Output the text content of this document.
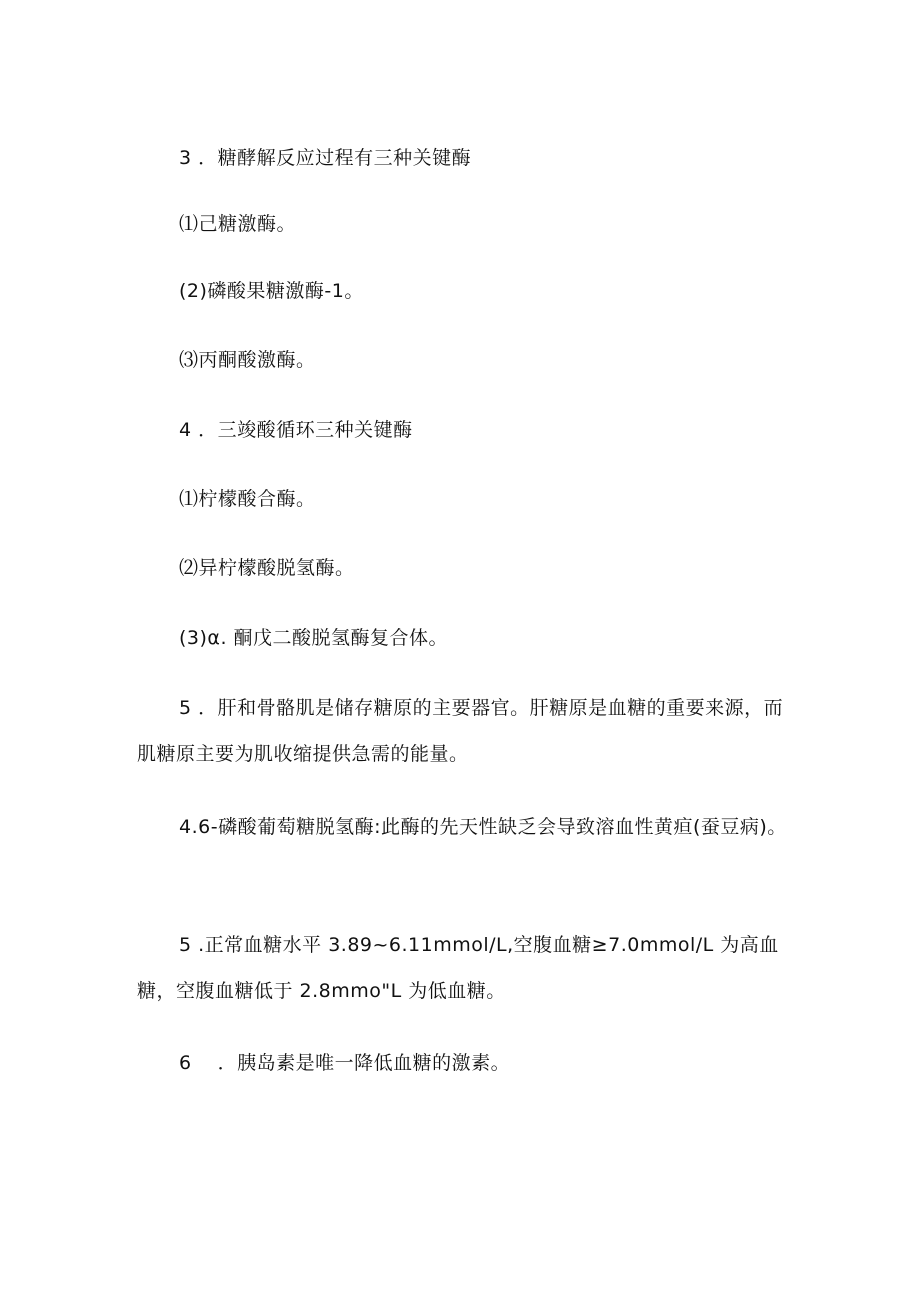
3 ．糖酵解反应过程有三种关键酶

⑴己糖激酶。

(2)磷酸果糖激酶-1。

⑶丙酮酸激酶。

4 ．三竣酸循环三种关键酶

⑴柠檬酸合酶。

⑵异柠檬酸脱氢酶。

(3)α. 酮戊二酸脱氢酶复合体。

5 ．肝和骨骼肌是储存糖原的主要器官。肝糖原是血糖的重要来源，而肌糖原主要为肌收缩提供急需的能量。

4.6-磷酸葡萄糖脱氢酶:此酶的先天性缺乏会导致溶血性黄疸(蚕豆病)。

5 .正常血糖水平 3.89~6.11mmol/L,空腹血糖≥7.0mmol/L 为高血糖，空腹血糖低于 2.8mmo"L 为低血糖。

6 　．胰岛素是唯一降低血糖的激素。
